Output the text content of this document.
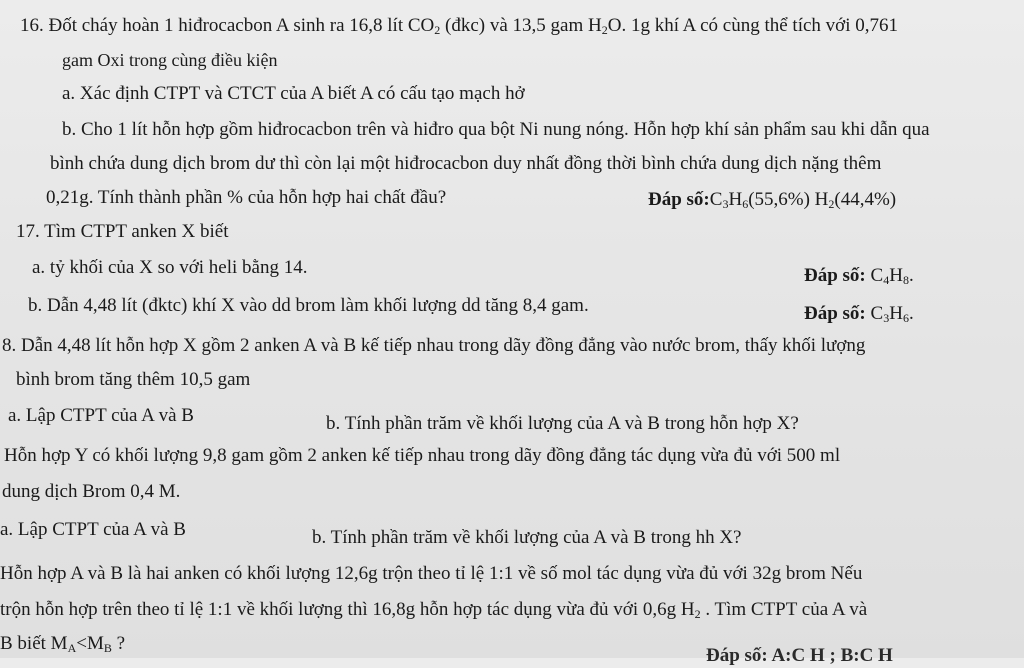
16. Đốt cháy hoàn 1 hiđrocacbon A sinh ra 16,8 lít $CO_2$ (đkc) và 13,5 gam $H_2O$. 1g khí A có cùng thể tích với 0,761
gam Oxi trong cùng điều kiện
a. Xác định CTPT và CTCT của A biết A có cấu tạo mạch hở
b. Cho 1 lít hỗn hợp gồm hiđrocacbon trên và hiđro qua bột Ni nung nóng. Hỗn hợp khí sản phẩm sau khi dẫn qua
bình chứa dung dịch brom dư thì còn lại một hiđrocacbon duy nhất đồng thời bình chứa dung dịch nặng thêm
0,21g. Tính thành phần % của hỗn hợp hai chất đầu?	Đáp $số:C_3H_6(55,6\%)$ $H_2(44,4\%)$
17. Tìm CTPT anken X biết
a. tỷ khối của X so với heli bằng 14.	Đáp số: $C_4H_8$.
b. Dẫn 4,48 lít (đktc) khí X vào dd brom làm khối lượng dd tăng 8,4 gam.	Đáp số: $C_3H_6$.
8. Dẫn 4,48 lít hỗn hợp X gồm 2 anken A và B kế tiếp nhau trong dãy đồng đẳng vào nước brom, thấy khối lượng
bình brom tăng thêm 10,5 gam
a. Lập CTPT của A và B	b. Tính phần trăm về khối lượng của A và B trong hỗn hợp X?
Hỗn hợp Y có khối lượng 9,8 gam gồm 2 anken kế tiếp nhau trong dãy đồng đẳng tác dụng vừa đủ với 500 ml
dung dịch Brom 0,4 M.
a. Lập CTPT của A và B	b. Tính phần trăm về khối lượng của A và B trong hh X?
Hỗn hợp A và B là hai anken có khối lượng 12,6g trộn theo tỉ lệ 1:1 về số mol tác dụng vừa đủ với 32g brom Nếu
trộn hỗn hợp trên theo tỉ lệ 1:1 về khối lượng thì 16,8g hỗn hợp tác dụng vừa đủ với 0,6g $H_2$ . Tìm CTPT của A và
B biết $M_A<M_B$ ?
Đáp số: A:C H ; B:C H
